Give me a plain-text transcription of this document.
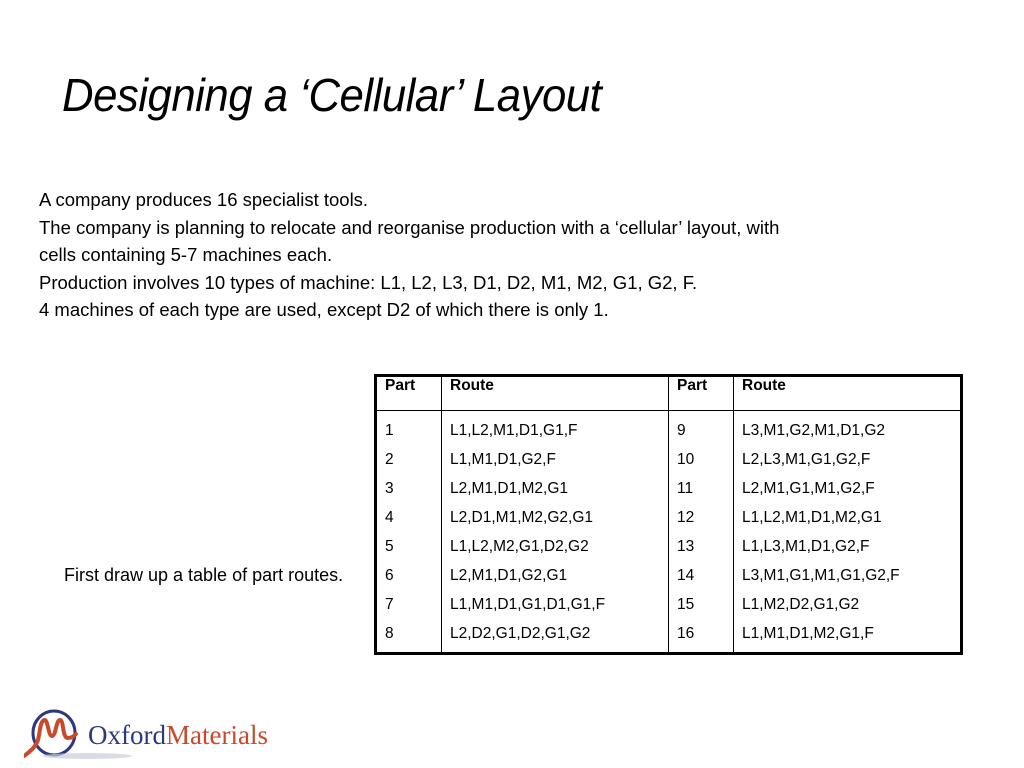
Designing a ‘Cellular’ Layout
A company produces 16 specialist tools.
The company is planning to relocate and reorganise production with a ‘cellular’ layout, with
cells containing 5-7 machines each.
Production involves 10 types of machine: L1, L2, L3, D1, D2, M1, M2, G1, G2, F.
4 machines of each type are used, except D2 of which there is only 1.
First draw up a table of part routes.
Part	Route	Part	Route
1	L1,L2,M1,D1,G1,F	9	L3,M1,G2,M1,D1,G2
2	L1,M1,D1,G2,F	10	L2,L3,M1,G1,G2,F
3	L2,M1,D1,M2,G1	11	L2,M1,G1,M1,G2,F
4	L2,D1,M1,M2,G2,G1	12	L1,L2,M1,D1,M2,G1
5	L1,L2,M2,G1,D2,G2	13	L1,L3,M1,D1,G2,F
6	L2,M1,D1,G2,G1	14	L3,M1,G1,M1,G1,G2,F
7	L1,M1,D1,G1,D1,G1,F	15	L1,M2,D2,G1,G2
8	L2,D2,G1,D2,G1,G2	16	L1,M1,D1,M2,G1,F
OxfordMaterials
